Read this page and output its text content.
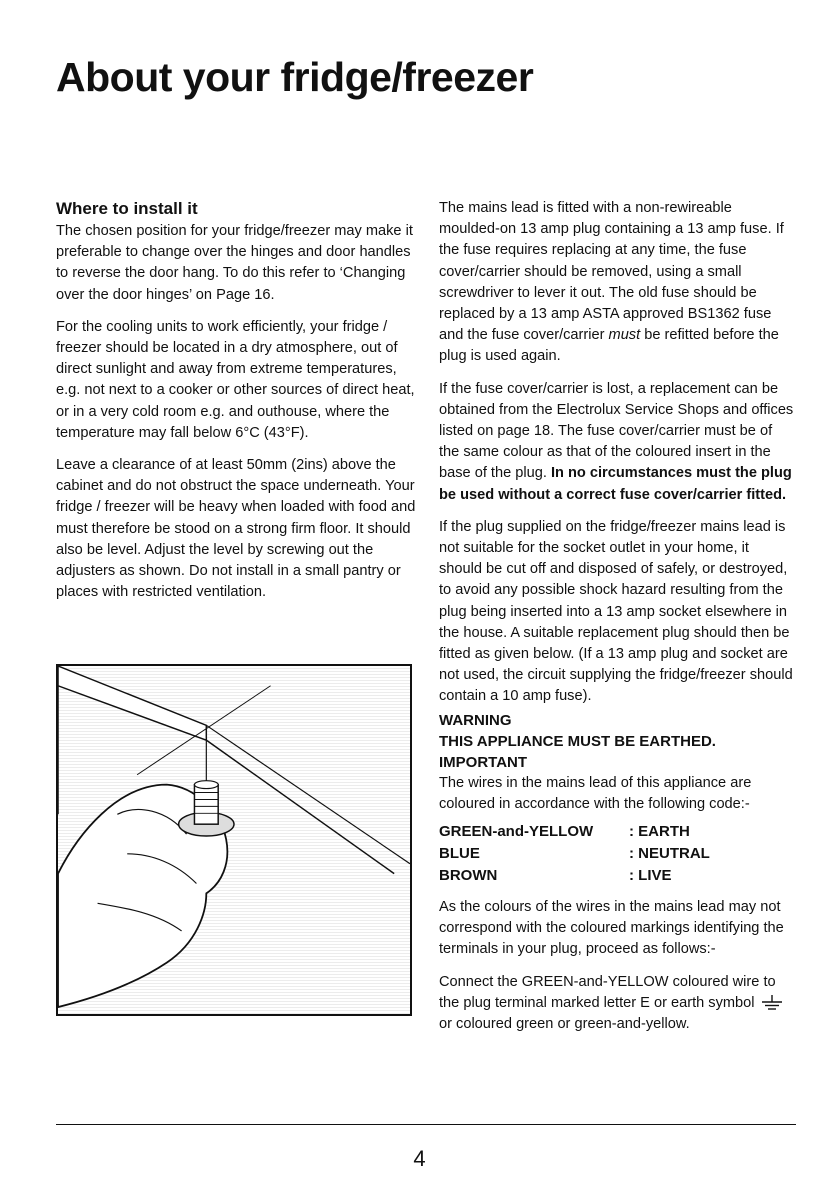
About your fridge/freezer
Where to install it

The chosen position for your fridge/freezer may make it preferable to change over the hinges and door handles to reverse the door hang. To do this refer to ‘Changing over the door hinges’ on Page 16.

For the cooling units to work efficiently, your fridge / freezer should be located in a dry atmosphere, out of direct sunlight and away from extreme temperatures, e.g. not next to a cooker or other sources of direct heat, or in a very cold room e.g. and outhouse, where the temperature may fall below 6°C (43°F).

Leave a clearance of at least 50mm (2ins) above the cabinet and do not obstruct the space underneath. Your fridge / freezer will be heavy when loaded with food and must therefore be stood on a strong firm floor. It should also be level. Adjust the level by screwing out the adjusters as shown. Do not install in a small pantry or places with restricted ventilation.

The mains lead is fitted with a non-rewireable moulded-on 13 amp plug containing a 13 amp fuse. If the fuse requires replacing at any time, the fuse cover/carrier should be removed, using a small screwdriver to lever it out. The old fuse should be replaced by a 13 amp ASTA approved BS1362 fuse and the fuse cover/carrier must be refitted before the plug is used again.

If the fuse cover/carrier is lost, a replacement can be obtained from the Electrolux Service Shops and offices listed on page 18. The fuse cover/carrier must be of the same colour as that of the coloured insert in the base of the plug. In no circumstances must the plug be used without a correct fuse cover/carrier fitted.

If the plug supplied on the fridge/freezer mains lead is not suitable for the socket outlet in your home, it should be cut off and disposed of safely, or destroyed, to avoid any possible shock hazard resulting from the plug being inserted into a 13 amp socket elsewhere in the house. A suitable replacement plug should then be fitted as given below. (If a 13 amp plug and socket are not used, the circuit supplying the fridge/freezer should contain a 10 amp fuse).

WARNING
THIS APPLIANCE MUST BE EARTHED.
IMPORTANT

The wires in the mains lead of this appliance are coloured in accordance with the following code:-

GREEN-and-YELLOW	: EARTH
BLUE	: NEUTRAL
BROWN	: LIVE

As the colours of the wires in the mains lead may not correspond with the coloured markings identifying the terminals in your plug, proceed as follows:-

Connect the GREEN-and-YELLOW coloured wire to the plug terminal marked letter E or earth symbol  or coloured green or green-and-yellow.

4
